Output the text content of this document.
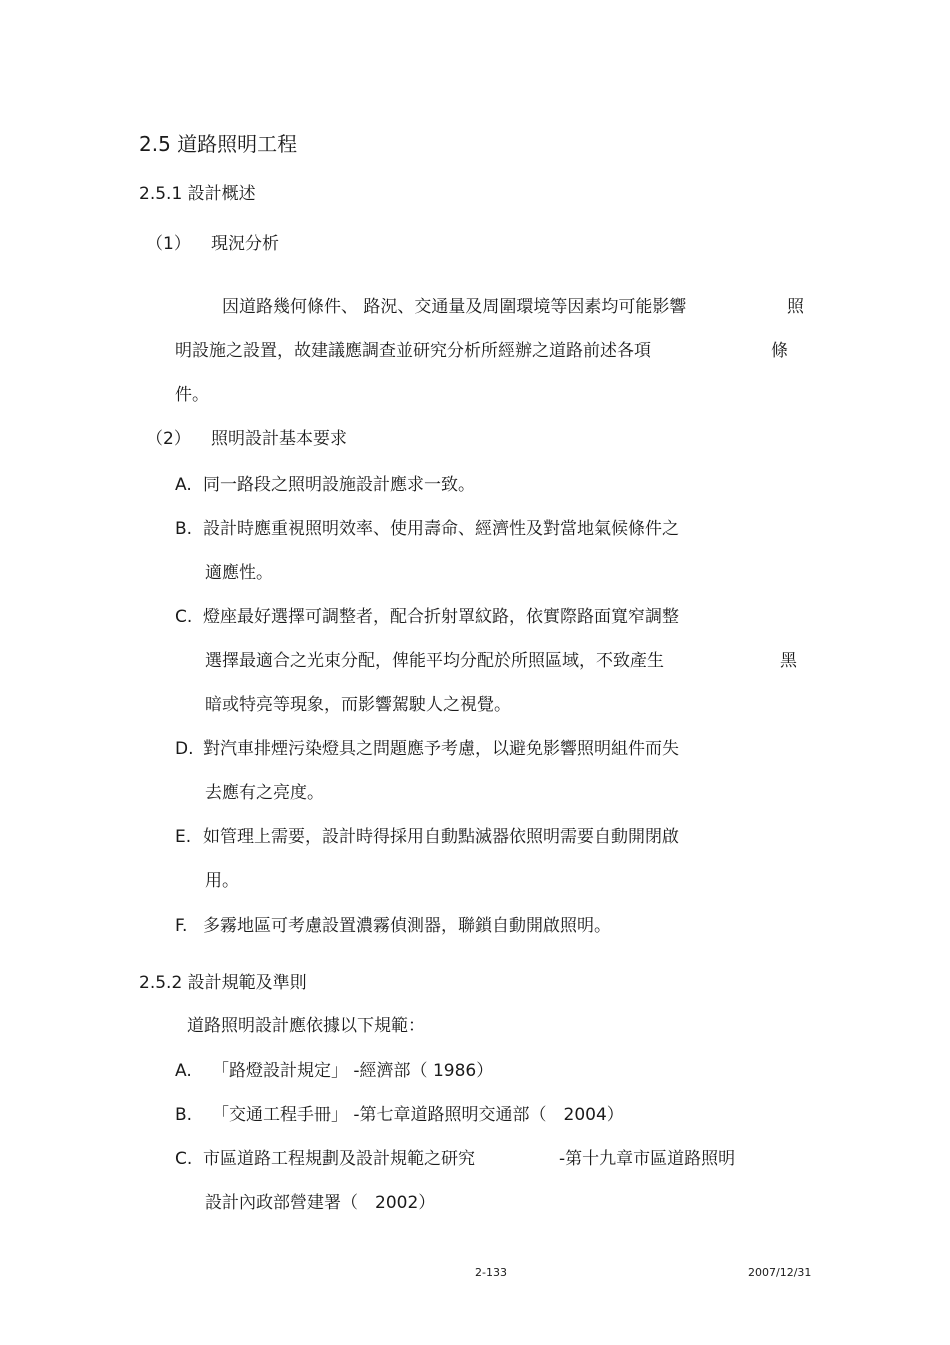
2.5 道路照明工程
2.5.1 設計概述
（1） 現況分析
因道路幾何條件、 路況、交通量及周圍環境等因素均可能影響	照
明設施之設置，故建議應調查並研究分析所經辦之道路前述各項	條
件。
（2） 照明設計基本要求
A. 同一路段之照明設施設計應求一致。
B. 設計時應重視照明效率、使用壽命、經濟性及對當地氣候條件之
適應性。
C. 燈座最好選擇可調整者，配合折射罩紋路，依實際路面寬窄調整
選擇最適合之光束分配，俾能平均分配於所照區域，不致產生	黑
暗或特亮等現象，而影響駕駛人之視覺。
D. 對汽車排煙污染燈具之問題應予考慮，以避免影響照明組件而失
去應有之亮度。
E. 如管理上需要，設計時得採用自動點滅器依照明需要自動開閉啟
用。
F. 多霧地區可考慮設置濃霧偵測器，聯鎖自動開啟照明。
2.5.2 設計規範及準則
道路照明設計應依據以下規範：
A. 「路燈設計規定」 -經濟部（ 1986）
B. 「交通工程手冊」 -第七章道路照明交通部（　2004）
C. 市區道路工程規劃及設計規範之研究	-第十九章市區道路照明
設計內政部營建署（　2002）
2-133	2007/12/31
